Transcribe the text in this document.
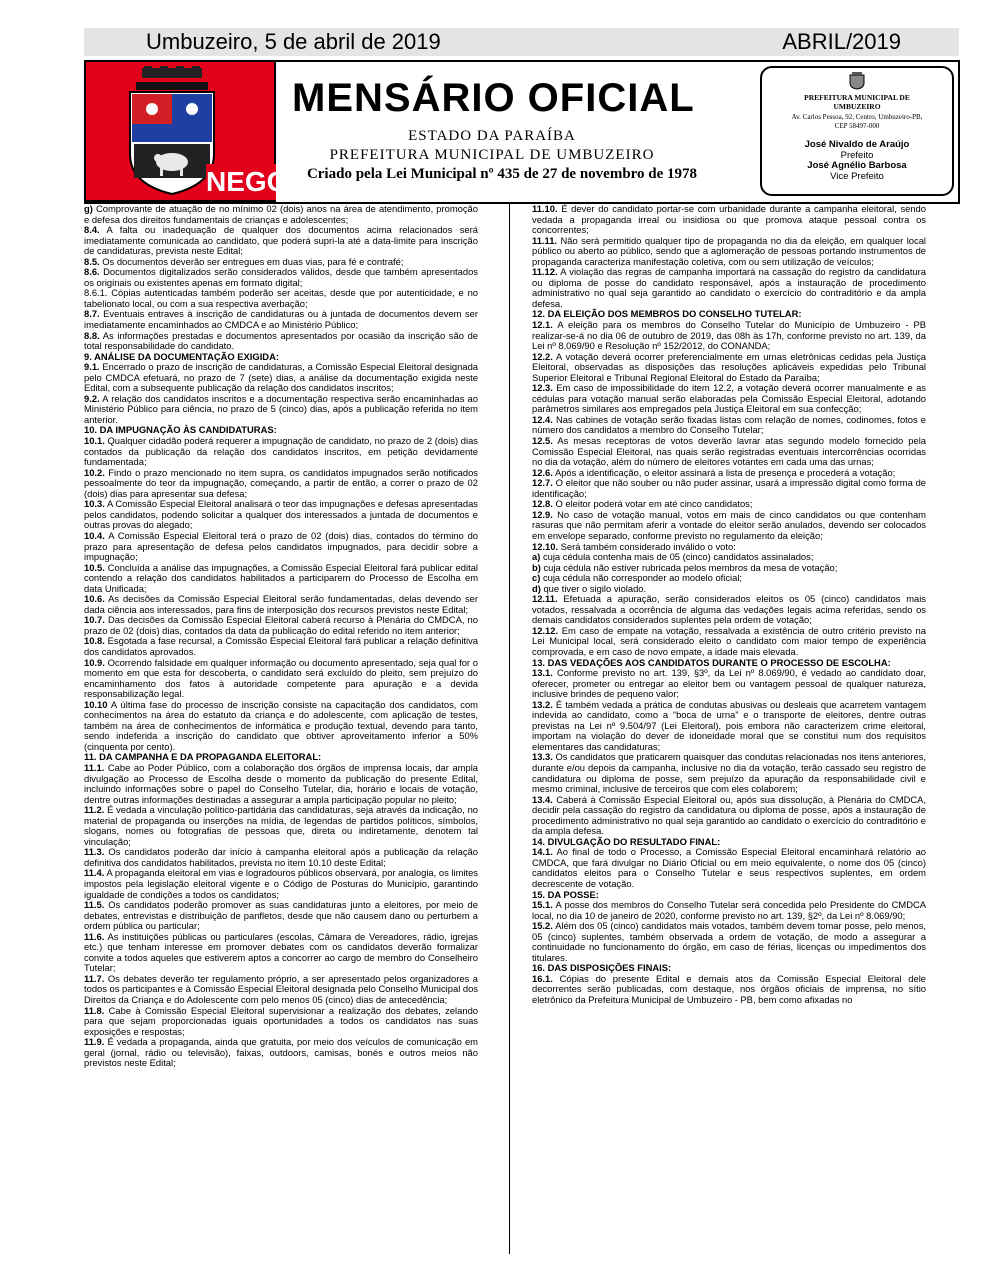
Umbuzeiro, 5 de abril de 2019	ABRIL/2019
NEGO
MENSÁRIO OFICIAL
ESTADO DA PARAÍBA
PREFEITURA MUNICIPAL DE UMBUZEIRO
Criado pela Lei Municipal nº 435 de 27 de novembro de 1978
PREFEITURA MUNICIPAL DE
UMBUZEIRO
Av. Carlos Pessoa, 92, Centro, Umbuzeiro-PB,
CEP 58497-000
José Nivaldo de Araújo
Prefeito
José Agnélio Barbosa
Vice Prefeito

g) Comprovante de atuação de no mínimo 02 (dois) anos na área de atendimento, promoção e defesa dos direitos fundamentais de crianças e adolescentes;

8.4. A falta ou inadequação de qualquer dos documentos acima relacionados será imediatamente comunicada ao candidato, que poderá supri-la até a data-limite para inscrição de candidaturas, prevista neste Edital;

8.5. Os documentos deverão ser entregues em duas vias, para fé e contrafé;

8.6. Documentos digitalizados serão considerados válidos, desde que também apresentados os originais ou existentes apenas em formato digital;

8.6.1. Cópias autenticadas também poderão ser aceitas, desde que por autenticidade, e no tabelionato local, ou com a sua respectiva averbação;

8.7. Eventuais entraves à inscrição de candidaturas ou à juntada de documentos devem ser imediatamente encaminhados ao CMDCA e ao Ministério Público;

8.8. As informações prestadas e documentos apresentados por ocasião da inscrição são de total responsabilidade do candidato.

9. ANÁLISE DA DOCUMENTAÇÃO EXIGIDA:

9.1. Encerrado o prazo de inscrição de candidaturas, a Comissão Especial Eleitoral designada pelo CMDCA efetuará, no prazo de 7 (sete) dias, a análise da documentação exigida neste Edital, com a subsequente publicação da relação dos candidatos inscritos;

9.2. A relação dos candidatos inscritos e a documentação respectiva serão encaminhadas ao Ministério Público para ciência, no prazo de 5 (cinco) dias, após a publicação referida no item anterior.

10. DA IMPUGNAÇÃO ÀS CANDIDATURAS:

10.1. Qualquer cidadão poderá requerer a impugnação de candidato, no prazo de 2 (dois) dias contados da publicação da relação dos candidatos inscritos, em petição devidamente fundamentada;

10.2. Findo o prazo mencionado no item supra, os candidatos impugnados serão notificados pessoalmente do teor da impugnação, começando, a partir de então, a correr o prazo de 02 (dois) dias para apresentar sua defesa;

10.3. A Comissão Especial Eleitoral analisará o teor das impugnações e defesas apresentadas pelos candidatos, podendo solicitar a qualquer dos interessados a juntada de documentos e outras provas do alegado;

10.4. A Comissão Especial Eleitoral terá o prazo de 02 (dois) dias, contados do término do prazo para apresentação de defesa pelos candidatos impugnados, para decidir sobre a impugnação;

10.5. Concluída a análise das impugnações, a Comissão Especial Eleitoral fará publicar edital contendo a relação dos candidatos habilitados a participarem do Processo de Escolha em data Unificada;

10.6. As decisões da Comissão Especial Eleitoral serão fundamentadas, delas devendo ser dada ciência aos interessados, para fins de interposição dos recursos previstos neste Edital;

10.7. Das decisões da Comissão Especial Eleitoral caberá recurso à Plenária do CMDCA, no prazo de 02 (dois) dias, contados da data da publicação do edital referido no item anterior;

10.8. Esgotada a fase recursal, a Comissão Especial Eleitoral fará publicar a relação definitiva dos candidatos aprovados.

10.9. Ocorrendo falsidade em qualquer informação ou documento apresentado, seja qual for o momento em que esta for descoberta, o candidato será excluído do pleito, sem prejuízo do encaminhamento dos fatos à autoridade competente para apuração e a devida responsabilização legal.

10.10 A última fase do processo de inscrição consiste na capacitação dos candidatos, com conhecimentos na área do estatuto da criança e do adolescente, com aplicação de testes, também na área de conhecimentos de informática e produção textual, devendo para tanto, sendo indeferida a inscrição do candidato que obtiver aproveitamento inferior a 50% (cinquenta por cento).

11. DA CAMPANHA E DA PROPAGANDA ELEITORAL:

11.1. Cabe ao Poder Público, com a colaboração dos órgãos de imprensa locais, dar ampla divulgação ao Processo de Escolha desde o momento da publicação do presente Edital, incluindo informações sobre o papel do Conselho Tutelar, dia, horário e locais de votação, dentre outras informações destinadas a assegurar a ampla participação popular no pleito;

11.2. É vedada a vinculação político-partidária das candidaturas, seja através da indicação, no material de propaganda ou inserções na mídia, de legendas de partidos políticos, símbolos, slogans, nomes ou fotografias de pessoas que, direta ou indiretamente, denotem tal vinculação;

11.3. Os candidatos poderão dar início à campanha eleitoral após a publicação da relação definitiva dos candidatos habilitados, prevista no item 10.10 deste Edital;

11.4. A propaganda eleitoral em vias e logradouros públicos observará, por analogia, os limites impostos pela legislação eleitoral vigente e o Código de Posturas do Município, garantindo igualdade de condições a todos os candidatos;

11.5. Os candidatos poderão promover as suas candidaturas junto a eleitores, por meio de debates, entrevistas e distribuição de panfletos, desde que não causem dano ou perturbem a ordem pública ou particular;

11.6. As instituições públicas ou particulares (escolas, Câmara de Vereadores, rádio, igrejas etc.) que tenham interesse em promover debates com os candidatos deverão formalizar convite a todos aqueles que estiverem aptos a concorrer ao cargo de membro do Conselheiro Tutelar;

11.7. Os debates deverão ter regulamento próprio, a ser apresentado pelos organizadores a todos os participantes e à Comissão Especial Eleitoral designada pelo Conselho Municipal dos Direitos da Criança e do Adolescente com pelo menos 05 (cinco) dias de antecedência;

11.8. Cabe à Comissão Especial Eleitoral supervisionar a realização dos debates, zelando para que sejam proporcionadas iguais oportunidades a todos os candidatos nas suas exposições e respostas;

11.9. É vedada a propaganda, ainda que gratuita, por meio dos veículos de comunicação em geral (jornal, rádio ou televisão), faixas, outdoors, camisas, bonés e outros meios não previstos neste Edital;

11.10. É dever do candidato portar-se com urbanidade durante a campanha eleitoral, sendo vedada a propaganda irreal ou insidiosa ou que promova ataque pessoal contra os concorrentes;

11.11. Não será permitido qualquer tipo de propaganda no dia da eleição, em qualquer local público ou aberto ao público, sendo que a aglomeração de pessoas portando instrumentos de propaganda caracteriza manifestação coletiva, com ou sem utilização de veículos;

11.12. A violação das regras de campanha importará na cassação do registro da candidatura ou diploma de posse do candidato responsável, após a instauração de procedimento administrativo no qual seja garantido ao candidato o exercício do contraditório e da ampla defesa.

12. DA ELEIÇÃO DOS MEMBROS DO CONSELHO TUTELAR:

12.1. A eleição para os membros do Conselho Tutelar do Município de Umbuzeiro - PB realizar-se-á no dia 06 de outubro de 2019, das 08h às 17h, conforme previsto no art. 139, da Lei nº 8.069/90 e Resolução nº 152/2012, do CONANDA;

12.2. A votação deverá ocorrer preferencialmente em urnas eletrônicas cedidas pela Justiça Eleitoral, observadas as disposições das resoluções aplicáveis expedidas pelo Tribunal Superior Eleitoral e Tribunal Regional Eleitoral do Estado da Paraíba;

12.3. Em caso de impossibilidade do item 12.2, a votação deverá ocorrer manualmente e as cédulas para votação manual serão elaboradas pela Comissão Especial Eleitoral, adotando parâmetros similares aos empregados pela Justiça Eleitoral em sua confecção;

12.4. Nas cabines de votação serão fixadas listas com relação de nomes, codinomes, fotos e número dos candidatos a membro do Conselho Tutelar;

12.5. As mesas receptoras de votos deverão lavrar atas segundo modelo fornecido pela Comissão Especial Eleitoral, nas quais serão registradas eventuais intercorrências ocorridas no dia da votação, além do número de eleitores votantes em cada uma das urnas;

12.6. Após a identificação, o eleitor assinará a lista de presença e procederá a votação;

12.7. O eleitor que não souber ou não puder assinar, usará a impressão digital como forma de identificação;

12.8. O eleitor poderá votar em até cinco candidatos;

12.9. No caso de votação manual, votos em mais de cinco candidatos ou que contenham rasuras que não permitam aferir a vontade do eleitor serão anulados, devendo ser colocados em envelope separado, conforme previsto no regulamento da eleição;

12.10. Será também considerado inválido o voto:

a) cuja cédula contenha mais de 05 (cinco) candidatos assinalados;

b) cuja cédula não estiver rubricada pelos membros da mesa de votação;

c) cuja cédula não corresponder ao modelo oficial;

d) que tiver o sigilo violado.

12.11. Efetuada a apuração, serão considerados eleitos os 05 (cinco) candidatos mais votados, ressalvada a ocorrência de alguma das vedações legais acima referidas, sendo os demais candidatos considerados suplentes pela ordem de votação;

12.12. Em caso de empate na votação, ressalvada a existência de outro critério previsto na Lei Municipal local, será considerado eleito o candidato com maior tempo de experiência comprovada, e em caso de novo empate, a idade mais elevada.

13. DAS VEDAÇÕES AOS CANDIDATOS DURANTE O PROCESSO DE ESCOLHA:

13.1. Conforme previsto no art. 139, §3º, da Lei nº 8.069/90, é vedado ao candidato doar, oferecer, prometer ou entregar ao eleitor bem ou vantagem pessoal de qualquer natureza, inclusive brindes de pequeno valor;

13.2. É também vedada a prática de condutas abusivas ou desleais que acarretem vantagem indevida ao candidato, como a “boca de urna” e o transporte de eleitores, dentre outras previstas na Lei nº 9.504/97 (Lei Eleitoral), pois embora não caracterizem crime eleitoral, importam na violação do dever de idoneidade moral que se constitui num dos requisitos elementares das candidaturas;

13.3. Os candidatos que praticarem quaisquer das condutas relacionadas nos itens anteriores, durante e/ou depois da campanha, inclusive no dia da votação, terão cassado seu registro de candidatura ou diploma de posse, sem prejuízo da apuração da responsabilidade civil e mesmo criminal, inclusive de terceiros que com eles colaborem;

13.4. Caberá à Comissão Especial Eleitoral ou, após sua dissolução, à Plenária do CMDCA, decidir pela cassação do registro da candidatura ou diploma de posse, após a instauração de procedimento administrativo no qual seja garantido ao candidato o exercício do contraditório e da ampla defesa.

14. DIVULGAÇÃO DO RESULTADO FINAL:

14.1. Ao final de todo o Processo, a Comissão Especial Eleitoral encaminhará relatório ao CMDCA, que fará divulgar no Diário Oficial ou em meio equivalente, o nome dos 05 (cinco) candidatos eleitos para o Conselho Tutelar e seus respectivos suplentes, em ordem decrescente de votação.

15. DA POSSE:

15.1. A posse dos membros do Conselho Tutelar será concedida pelo Presidente do CMDCA local, no dia 10 de janeiro de 2020, conforme previsto no art. 139, §2º, da Lei nº 8.069/90;

15.2. Além dos 05 (cinco) candidatos mais votados, também devem tomar posse, pelo menos, 05 (cinco) suplentes, também observada a ordem de votação, de modo a assegurar a continuidade no funcionamento do órgão, em caso de férias, licenças ou impedimentos dos titulares.

16. DAS DISPOSIÇÕES FINAIS:

16.1. Cópias do presente Edital e demais atos da Comissão Especial Eleitoral dele decorrentes serão publicadas, com destaque, nos órgãos oficiais de imprensa, no sítio eletrônico da Prefeitura Municipal de Umbuzeiro - PB, bem como afixadas no
